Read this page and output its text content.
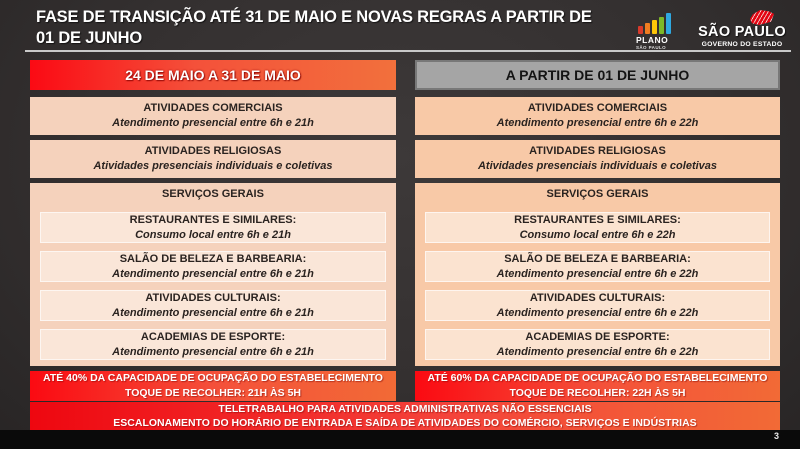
FASE DE TRANSIÇÃO ATÉ 31 DE MAIO E NOVAS REGRAS A PARTIR DE
01 DE JUNHO	PLANO
SÃO PAULO
SÃO PAULO
GOVERNO DO ESTADO
24 DE MAIO A 31 DE MAIO
ATIVIDADES COMERCIAIS
Atendimento presencial entre 6h e 21h
ATIVIDADES RELIGIOSAS
Atividades presenciais individuais e coletivas
SERVIÇOS GERAIS
RESTAURANTES E SIMILARES:
Consumo local entre 6h e 21h
SALÃO DE BELEZA E BARBEARIA:
Atendimento presencial entre 6h e 21h
ATIVIDADES CULTURAIS:
Atendimento presencial entre 6h e 21h
ACADEMIAS DE ESPORTE:
Atendimento presencial entre 6h e 21h
ATÉ 40% DA CAPACIDADE DE OCUPAÇÃO DO ESTABELECIMENTO
TOQUE DE RECOLHER: 21H ÀS 5H
A PARTIR DE 01 DE JUNHO
ATIVIDADES COMERCIAIS
Atendimento presencial entre 6h e 22h
ATIVIDADES RELIGIOSAS
Atividades presenciais individuais e coletivas
SERVIÇOS GERAIS
RESTAURANTES E SIMILARES:
Consumo local entre 6h e 22h
SALÃO DE BELEZA E BARBEARIA:
Atendimento presencial entre 6h e 22h
ATIVIDADES CULTURAIS:
Atendimento presencial entre 6h e 22h
ACADEMIAS DE ESPORTE:
Atendimento presencial entre 6h e 22h
ATÉ 60% DA CAPACIDADE DE OCUPAÇÃO DO ESTABELECIMENTO
TOQUE DE RECOLHER: 22H ÀS 5H
TELETRABALHO PARA ATIVIDADES ADMINISTRATIVAS NÃO ESSENCIAIS
ESCALONAMENTO DO HORÁRIO DE ENTRADA E SAÍDA DE ATIVIDADES DO COMÉRCIO, SERVIÇOS E INDÚSTRIAS
3
